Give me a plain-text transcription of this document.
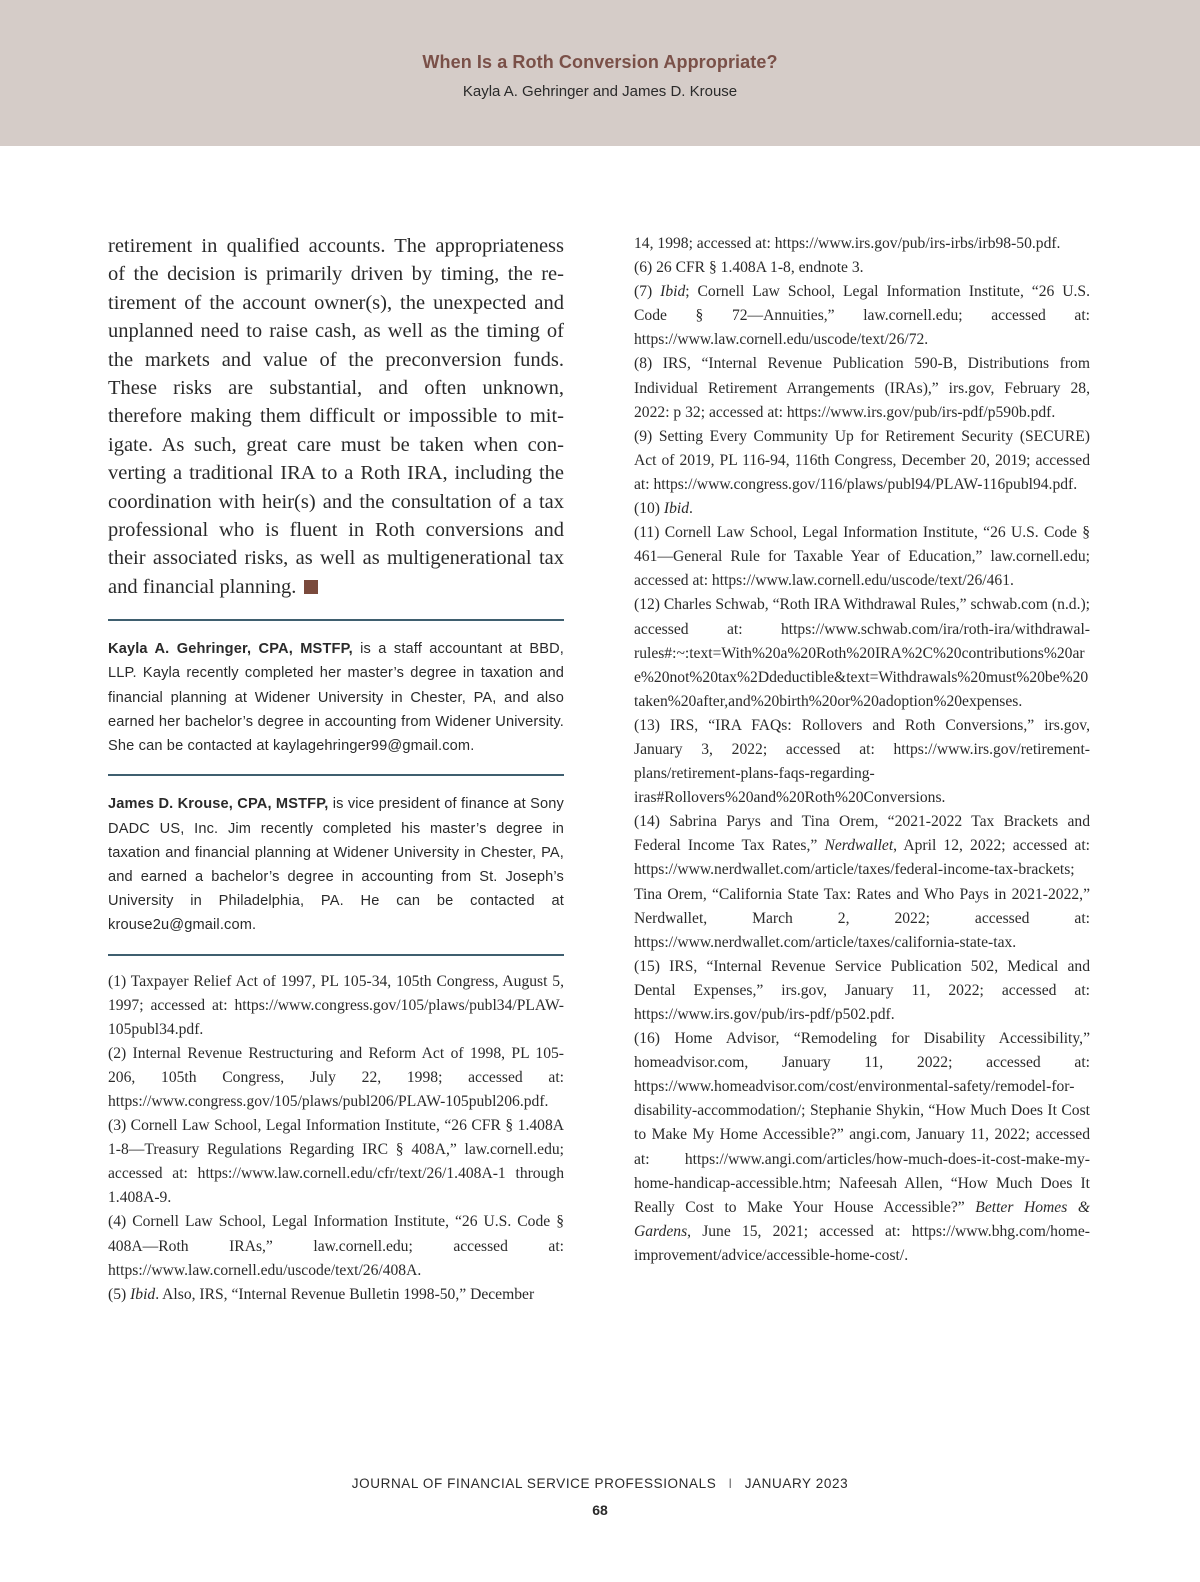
When Is a Roth Conversion Appropriate?
Kayla A. Gehringer and James D. Krouse

retirement in qualified accounts. The appropriateness of the decision is primarily driven by timing, the retirement of the account owner(s), the unexpected and unplanned need to raise cash, as well as the timing of the markets and value of the preconversion funds. These risks are substantial, and often unknown, therefore making them difficult or impossible to mitigate. As such, great care must be taken when converting a traditional IRA to a Roth IRA, including the coordination with heir(s) and the consultation of a tax professional who is fluent in Roth conversions and their associated risks, as well as multigenerational tax and financial planning.

Kayla A. Gehringer, CPA, MSTFP, is a staff accountant at BBD, LLP. Kayla recently completed her master’s degree in taxation and financial planning at Widener University in Chester, PA, and also earned her bachelor’s degree in accounting from Widener University. She can be contacted at kaylagehringer99@gmail.com.

James D. Krouse, CPA, MSTFP, is vice president of finance at Sony DADC US, Inc. Jim recently completed his master’s degree in taxation and financial planning at Widener University in Chester, PA, and earned a bachelor’s degree in accounting from St. Joseph’s University in Philadelphia, PA. He can be contacted at krouse2u@gmail.com.

(1) Taxpayer Relief Act of 1997, PL 105-34, 105th Congress, August 5, 1997; accessed at: https://www.congress.gov/105/plaws/publ34/PLAW-105publ34.pdf.

(2) Internal Revenue Restructuring and Reform Act of 1998, PL 105-206, 105th Congress, July 22, 1998; accessed at: https://www.congress.gov/105/plaws/publ206/PLAW-105publ206.pdf.

(3) Cornell Law School, Legal Information Institute, “26 CFR § 1.408A 1-8—Treasury Regulations Regarding IRC § 408A,” law.cornell.edu; accessed at: https://www.law.cornell.edu/cfr/text/26/1.408A-1 through 1.408A-9.

(4) Cornell Law School, Legal Information Institute, “26 U.S. Code § 408A—Roth IRAs,” law.cornell.edu; accessed at: https://www.law.cornell.edu/uscode/text/26/408A.

(5) Ibid. Also, IRS, “Internal Revenue Bulletin 1998-50,” December

14, 1998; accessed at: https://www.irs.gov/pub/irs-irbs/irb98-50.pdf.

(6) 26 CFR § 1.408A 1-8, endnote 3.

(7) Ibid; Cornell Law School, Legal Information Institute, “26 U.S. Code § 72—Annuities,” law.cornell.edu; accessed at: https://www.law.cornell.edu/uscode/text/26/72.

(8) IRS, “Internal Revenue Publication 590-B, Distributions from Individual Retirement Arrangements (IRAs),” irs.gov, February 28, 2022: p 32; accessed at: https://www.irs.gov/pub/irs-pdf/p590b.pdf.

(9) Setting Every Community Up for Retirement Security (SECURE) Act of 2019, PL 116-94, 116th Congress, December 20, 2019; accessed at: https://www.congress.gov/116/plaws/publ94/PLAW-116publ94.pdf.

(10) Ibid.

(11) Cornell Law School, Legal Information Institute, “26 U.S. Code § 461—General Rule for Taxable Year of Education,” law.cornell.edu; accessed at: https://www.law.cornell.edu/uscode/text/26/461.

(12) Charles Schwab, “Roth IRA Withdrawal Rules,” schwab.com (n.d.); accessed at: https://www.schwab.com/ira/roth-ira/withdrawal-rules#:~:text=With%20a%20Roth%20IRA%2C%20contributions%20are%20not%20tax%2Ddeductible&text=Withdrawals%20must%20be%20taken%20after,and%20birth%20or%20adoption%20expenses.

(13) IRS, “IRA FAQs: Rollovers and Roth Conversions,” irs.gov, January 3, 2022; accessed at: https://www.irs.gov/retirement-plans/retirement-plans-faqs-regarding-iras#Rollovers%20and%20Roth%20Conversions.

(14) Sabrina Parys and Tina Orem, “2021-2022 Tax Brackets and Federal Income Tax Rates,” Nerdwallet, April 12, 2022; accessed at: https://www.nerdwallet.com/article/taxes/federal-income-tax-brackets; Tina Orem, “California State Tax: Rates and Who Pays in 2021-2022,” Nerdwallet, March 2, 2022; accessed at: https://www.nerdwallet.com/article/taxes/california-state-tax.

(15) IRS, “Internal Revenue Service Publication 502, Medical and Dental Expenses,” irs.gov, January 11, 2022; accessed at: https://www.irs.gov/pub/irs-pdf/p502.pdf.

(16) Home Advisor, “Remodeling for Disability Accessibility,” homeadvisor.com, January 11, 2022; accessed at: https://www.homeadvisor.com/cost/environmental-safety/remodel-for-disability-accommodation/; Stephanie Shykin, “How Much Does It Cost to Make My Home Accessible?” angi.com, January 11, 2022; accessed at: https://www.angi.com/articles/how-much-does-it-cost-make-my-home-handicap-accessible.htm; Nafeesah Allen, “How Much Does It Really Cost to Make Your House Accessible?” Better Homes & Gardens, June 15, 2021; accessed at: https://www.bhg.com/home-improvement/advice/accessible-home-cost/.

JOURNAL OF FINANCIAL SERVICE PROFESSIONALS I JANUARY 2023
68
